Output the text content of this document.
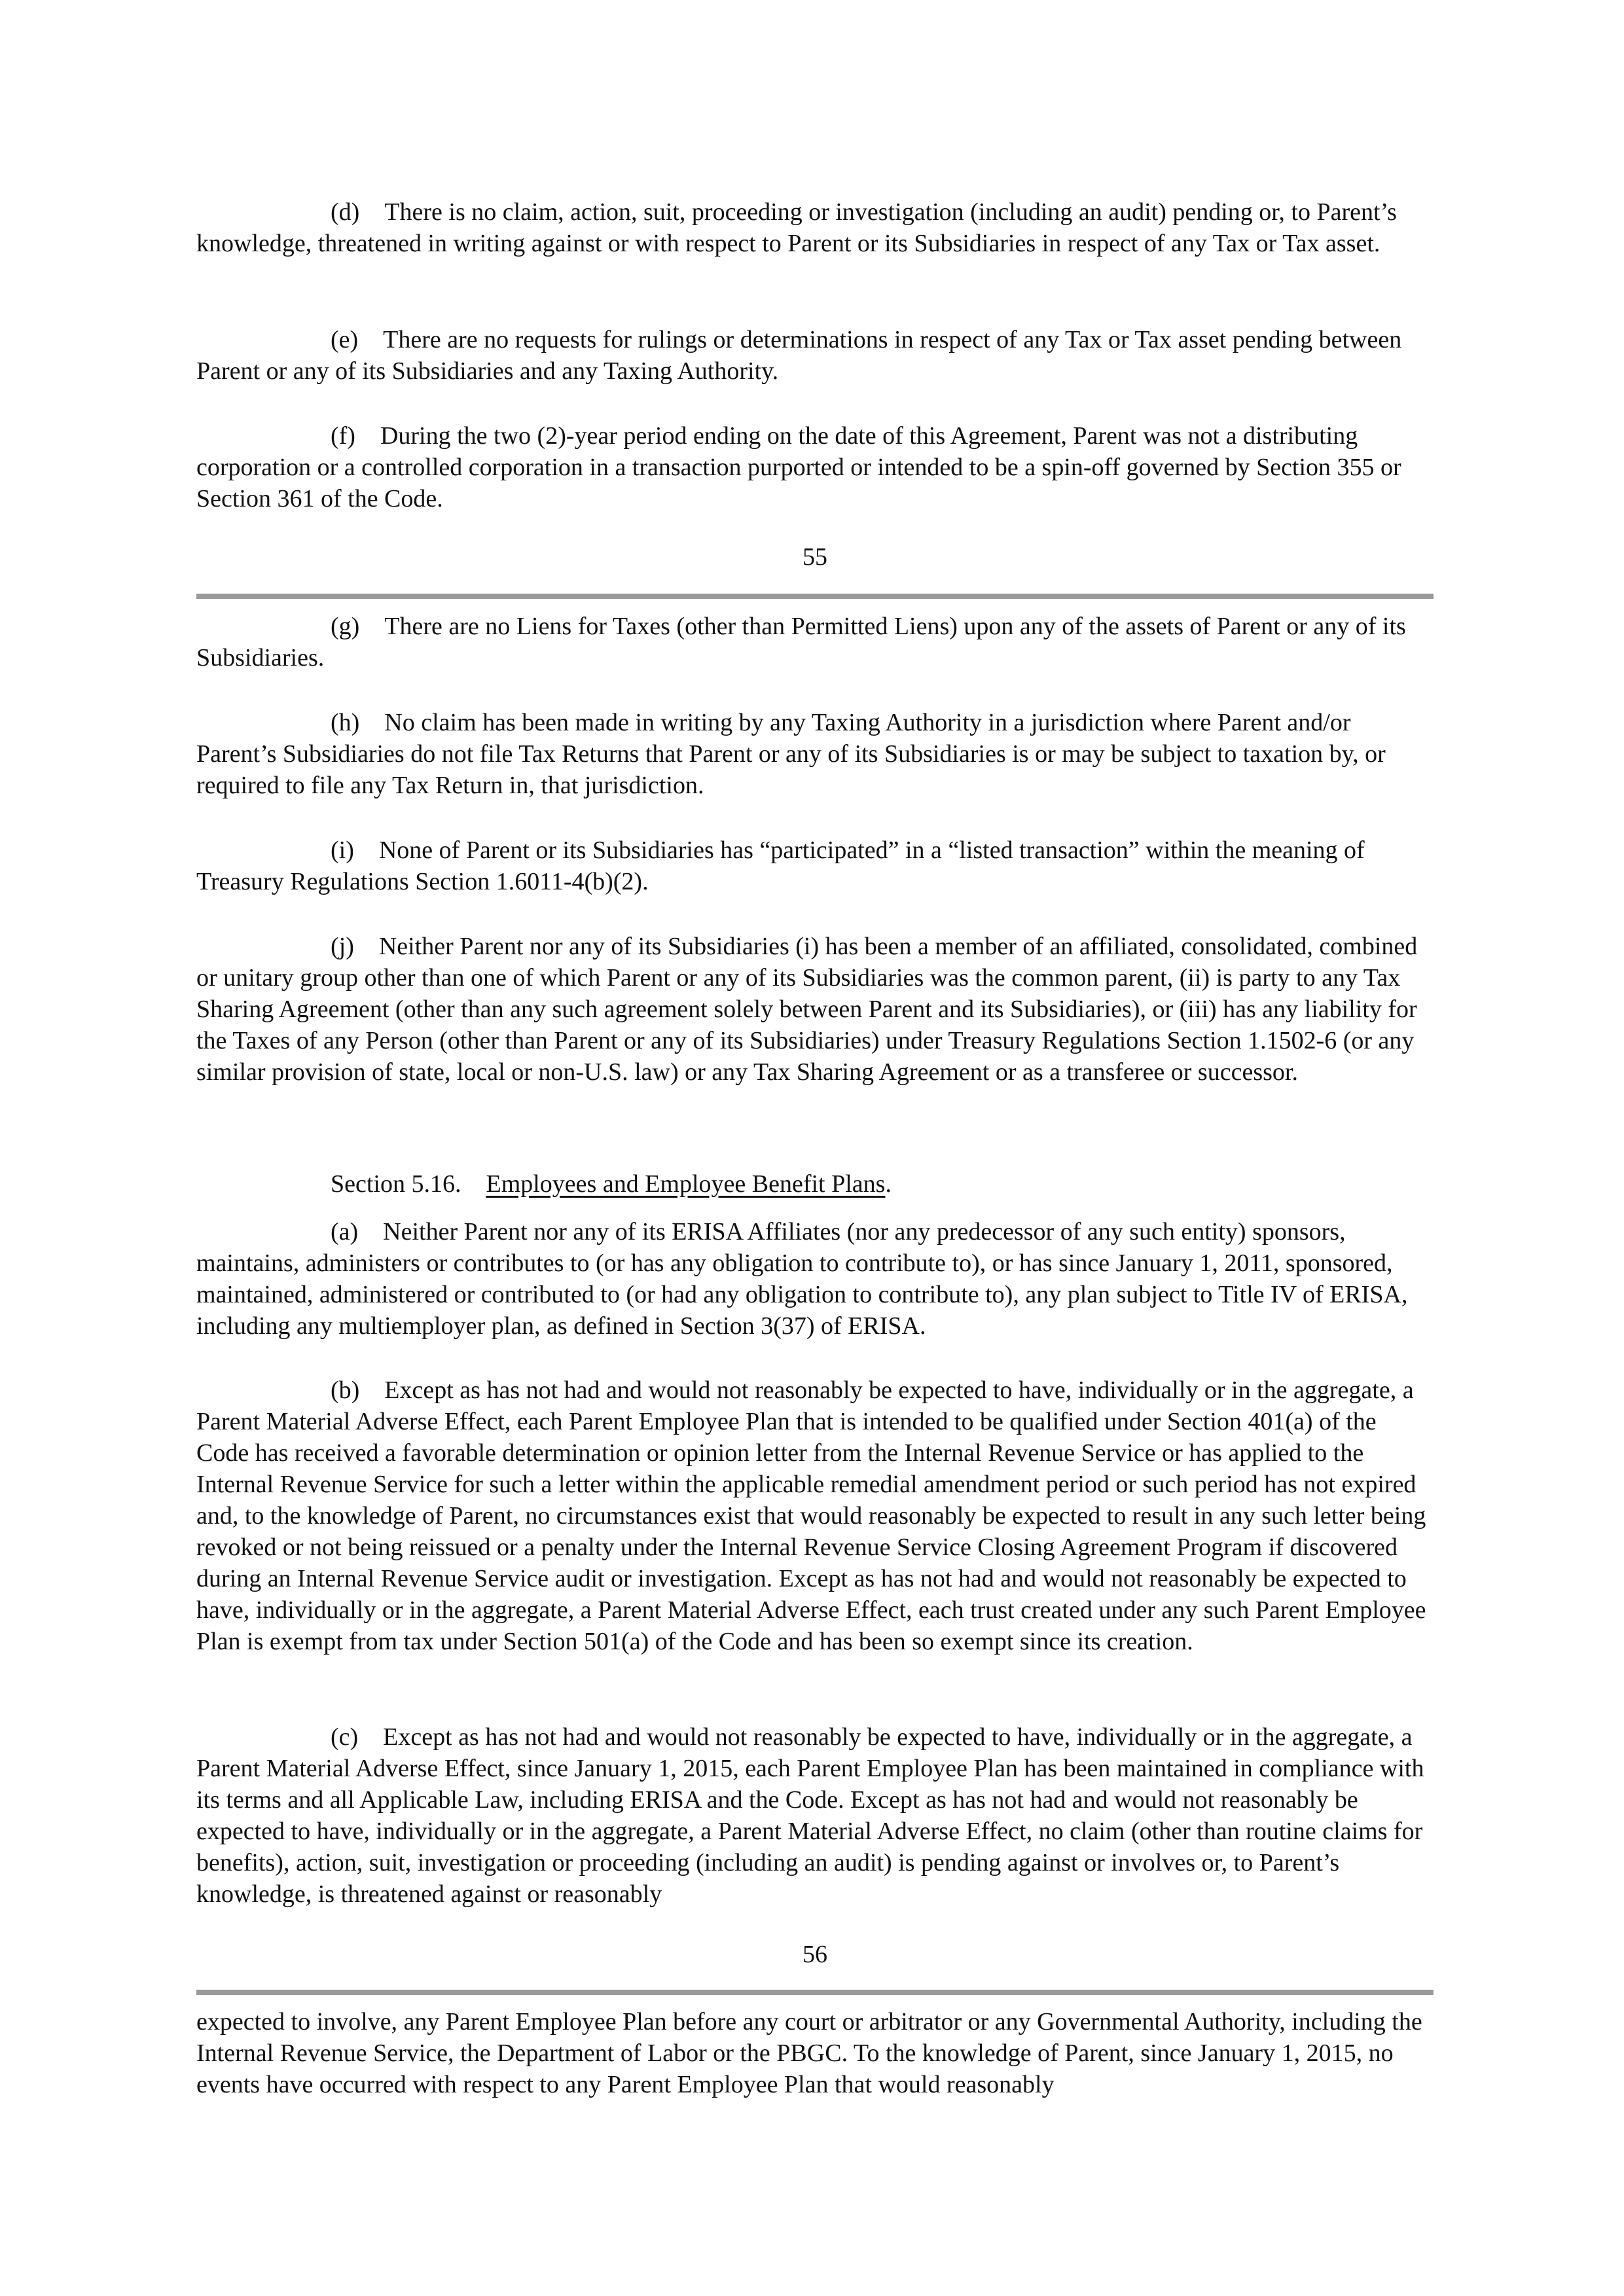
(d) There is no claim, action, suit, proceeding or investigation (including an audit) pending or, to Parent’s knowledge, threatened in writing against or with respect to Parent or its Subsidiaries in respect of any Tax or Tax asset.

(e) There are no requests for rulings or determinations in respect of any Tax or Tax asset pending between Parent or any of its Subsidiaries and any Taxing Authority.

(f) During the two (2)-year period ending on the date of this Agreement, Parent was not a distributing corporation or a controlled corporation in a transaction purported or intended to be a spin-off governed by Section 355 or Section 361 of the Code.

55

(g) There are no Liens for Taxes (other than Permitted Liens) upon any of the assets of Parent or any of its Subsidiaries.

(h) No claim has been made in writing by any Taxing Authority in a jurisdiction where Parent and/or Parent’s Subsidiaries do not file Tax Returns that Parent or any of its Subsidiaries is or may be subject to taxation by, or required to file any Tax Return in, that jurisdiction.

(i) None of Parent or its Subsidiaries has “participated” in a “listed transaction” within the meaning of Treasury Regulations Section 1.6011-4(b)(2).

(j) Neither Parent nor any of its Subsidiaries (i) has been a member of an affiliated, consolidated, combined or unitary group other than one of which Parent or any of its Subsidiaries was the common parent, (ii) is party to any Tax Sharing Agreement (other than any such agreement solely between Parent and its Subsidiaries), or (iii) has any liability for the Taxes of any Person (other than Parent or any of its Subsidiaries) under Treasury Regulations Section 1.1502-6 (or any similar provision of state, local or non-U.S. law) or any Tax Sharing Agreement or as a transferee or successor.

Section 5.16.  Employees and Employee Benefit Plans.

(a) Neither Parent nor any of its ERISA Affiliates (nor any predecessor of any such entity) sponsors, maintains, administers or contributes to (or has any obligation to contribute to), or has since January 1, 2011, sponsored, maintained, administered or contributed to (or had any obligation to contribute to), any plan subject to Title IV of ERISA, including any multiemployer plan, as defined in Section 3(37) of ERISA.

(b) Except as has not had and would not reasonably be expected to have, individually or in the aggregate, a Parent Material Adverse Effect, each Parent Employee Plan that is intended to be qualified under Section 401(a) of the Code has received a favorable determination or opinion letter from the Internal Revenue Service or has applied to the Internal Revenue Service for such a letter within the applicable remedial amendment period or such period has not expired and, to the knowledge of Parent, no circumstances exist that would reasonably be expected to result in any such letter being revoked or not being reissued or a penalty under the Internal Revenue Service Closing Agreement Program if discovered during an Internal Revenue Service audit or investigation. Except as has not had and would not reasonably be expected to have, individually or in the aggregate, a Parent Material Adverse Effect, each trust created under any such Parent Employee Plan is exempt from tax under Section 501(a) of the Code and has been so exempt since its creation.

(c) Except as has not had and would not reasonably be expected to have, individually or in the aggregate, a Parent Material Adverse Effect, since January 1, 2015, each Parent Employee Plan has been maintained in compliance with its terms and all Applicable Law, including ERISA and the Code. Except as has not had and would not reasonably be expected to have, individually or in the aggregate, a Parent Material Adverse Effect, no claim (other than routine claims for benefits), action, suit, investigation or proceeding (including an audit) is pending against or involves or, to Parent’s knowledge, is threatened against or reasonably

56

expected to involve, any Parent Employee Plan before any court or arbitrator or any Governmental Authority, including the Internal Revenue Service, the Department of Labor or the PBGC. To the knowledge of Parent, since January 1, 2015, no events have occurred with respect to any Parent Employee Plan that would reasonably
